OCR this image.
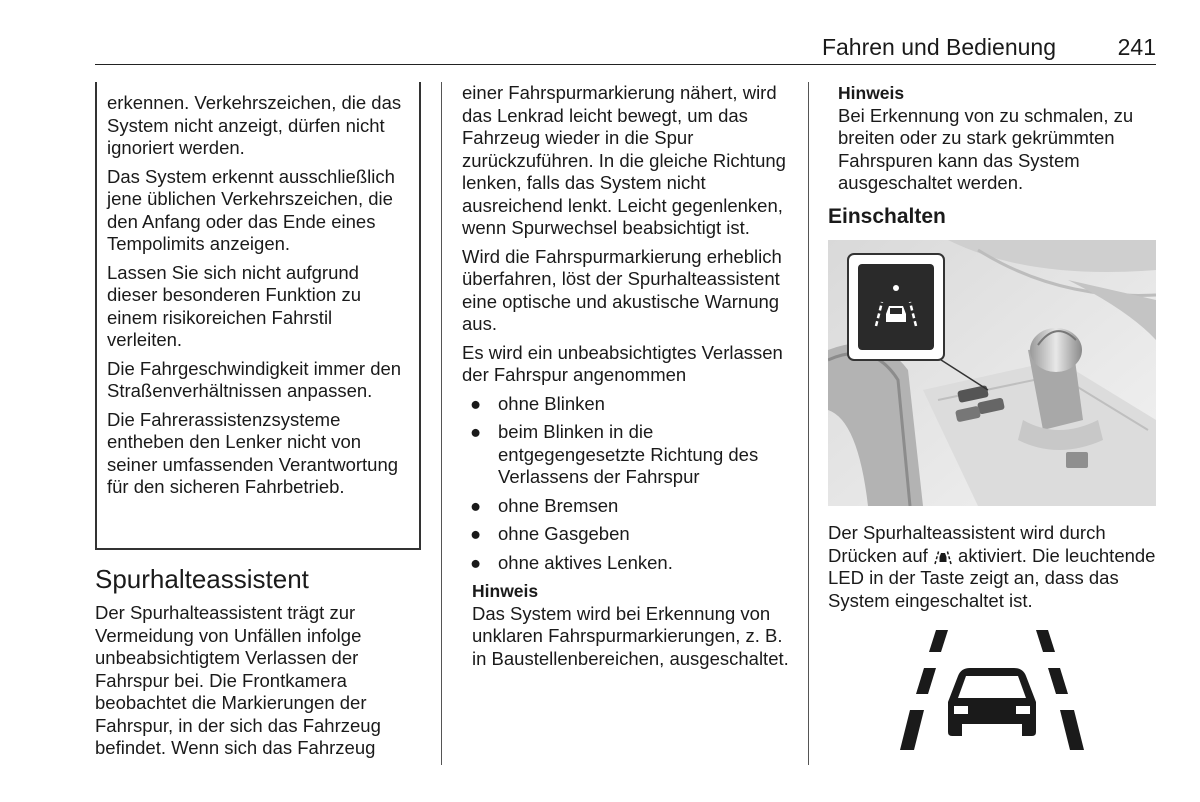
Fahren und Bedienung	241

erkennen. Verkehrszeichen, die das System nicht anzeigt, dürfen nicht ignoriert werden.

Das System erkennt ausschließlich jene üblichen Verkehrszeichen, die den Anfang oder das Ende eines Tempolimits anzeigen.

Lassen Sie sich nicht aufgrund dieser besonderen Funktion zu einem risikoreichen Fahrstil verleiten.

Die Fahrgeschwindigkeit immer den Straßenverhältnissen anpassen.

Die Fahrerassistenzsysteme entheben den Lenker nicht von seiner umfassenden Verantwortung für den sicheren Fahrbetrieb.

Spurhalteassistent

Der Spurhalteassistent trägt zur Vermeidung von Unfällen infolge unbeabsichtigtem Verlassen der Fahrspur bei. Die Frontkamera beobachtet die Markierungen der Fahrspur, in der sich das Fahrzeug befindet. Wenn sich das Fahrzeug

einer Fahrspurmarkierung nähert, wird das Lenkrad leicht bewegt, um das Fahrzeug wieder in die Spur zurückzuführen. In die gleiche Richtung lenken, falls das System nicht ausreichend lenkt. Leicht gegenlenken, wenn Spurwechsel beabsichtigt ist.

Wird die Fahrspurmarkierung erheblich überfahren, löst der Spurhalteassistent eine optische und akustische Warnung aus.

Es wird ein unbeabsichtigtes Verlassen der Fahrspur angenommen

● ohne Blinken
● beim Blinken in die entgegengesetzte Richtung des Verlassens der Fahrspur
● ohne Bremsen
● ohne Gasgeben
● ohne aktives Lenken.
Hinweis
Das System wird bei Erkennung von unklaren Fahrspurmarkierungen, z. B. in Baustellenbereichen, ausgeschaltet.
Hinweis
Bei Erkennung von zu schmalen, zu breiten oder zu stark gekrümmten Fahrspuren kann das System ausgeschaltet werden.
Einschalten
Der Spurhalteassistent wird durch Drücken auf aktiviert. Die leuchtende LED in der Taste zeigt an, dass das System eingeschaltet ist.
